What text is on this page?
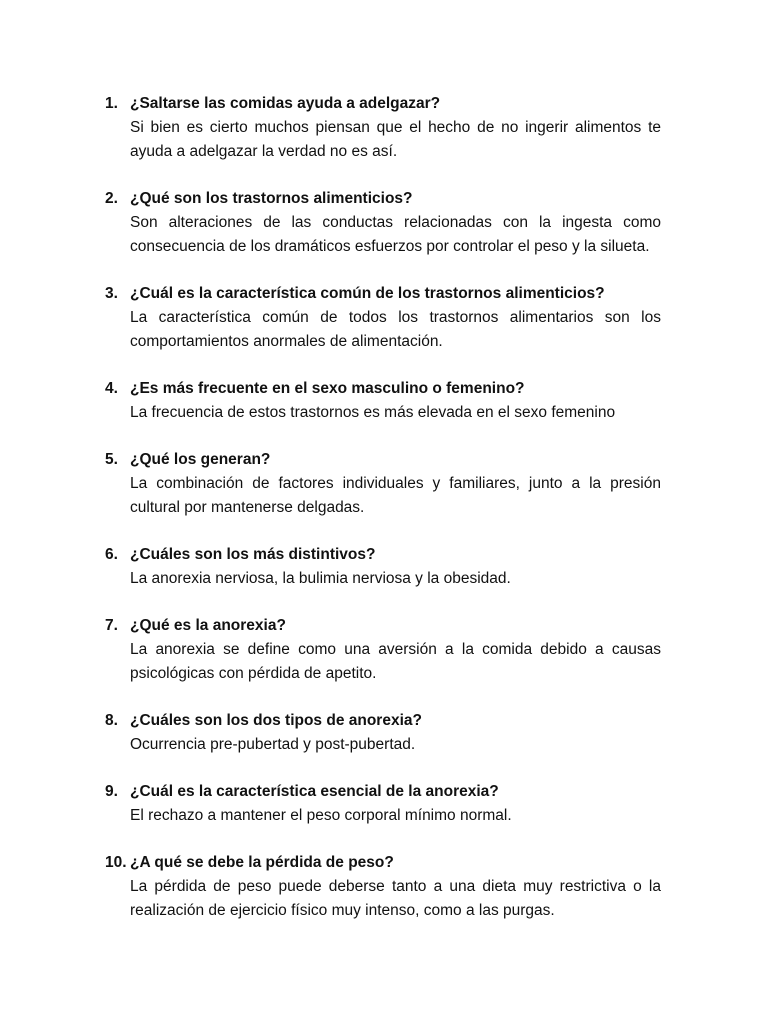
1. ¿Saltarse las comidas ayuda a adelgazar?
Si bien es cierto muchos piensan que el hecho de no ingerir alimentos te ayuda a adelgazar la verdad no es así.
2. ¿Qué son los trastornos alimenticios?
Son alteraciones de las conductas relacionadas con la ingesta como consecuencia de los dramáticos esfuerzos por controlar el peso y la silueta.
3. ¿Cuál es la característica común de los trastornos alimenticios?
La característica común de todos los trastornos alimentarios son los comportamientos anormales de alimentación.
4. ¿Es más frecuente en el sexo masculino o femenino?
La frecuencia de estos trastornos es más elevada en el sexo femenino
5. ¿Qué los generan?
La combinación de factores individuales y familiares, junto a la presión cultural por mantenerse delgadas.
6. ¿Cuáles son los más distintivos?
La anorexia nerviosa, la bulimia nerviosa y la obesidad.
7. ¿Qué es la anorexia?
La anorexia se define como una aversión a la comida debido a causas psicológicas con pérdida de apetito.
8. ¿Cuáles son los dos tipos de anorexia?
Ocurrencia pre-pubertad y post-pubertad.
9. ¿Cuál es la característica esencial de la anorexia?
El rechazo a mantener el peso corporal mínimo normal.
10. ¿A qué se debe la pérdida de peso?
La pérdida de peso puede deberse tanto a una dieta muy restrictiva o la realización de ejercicio físico muy intenso, como a las purgas.
